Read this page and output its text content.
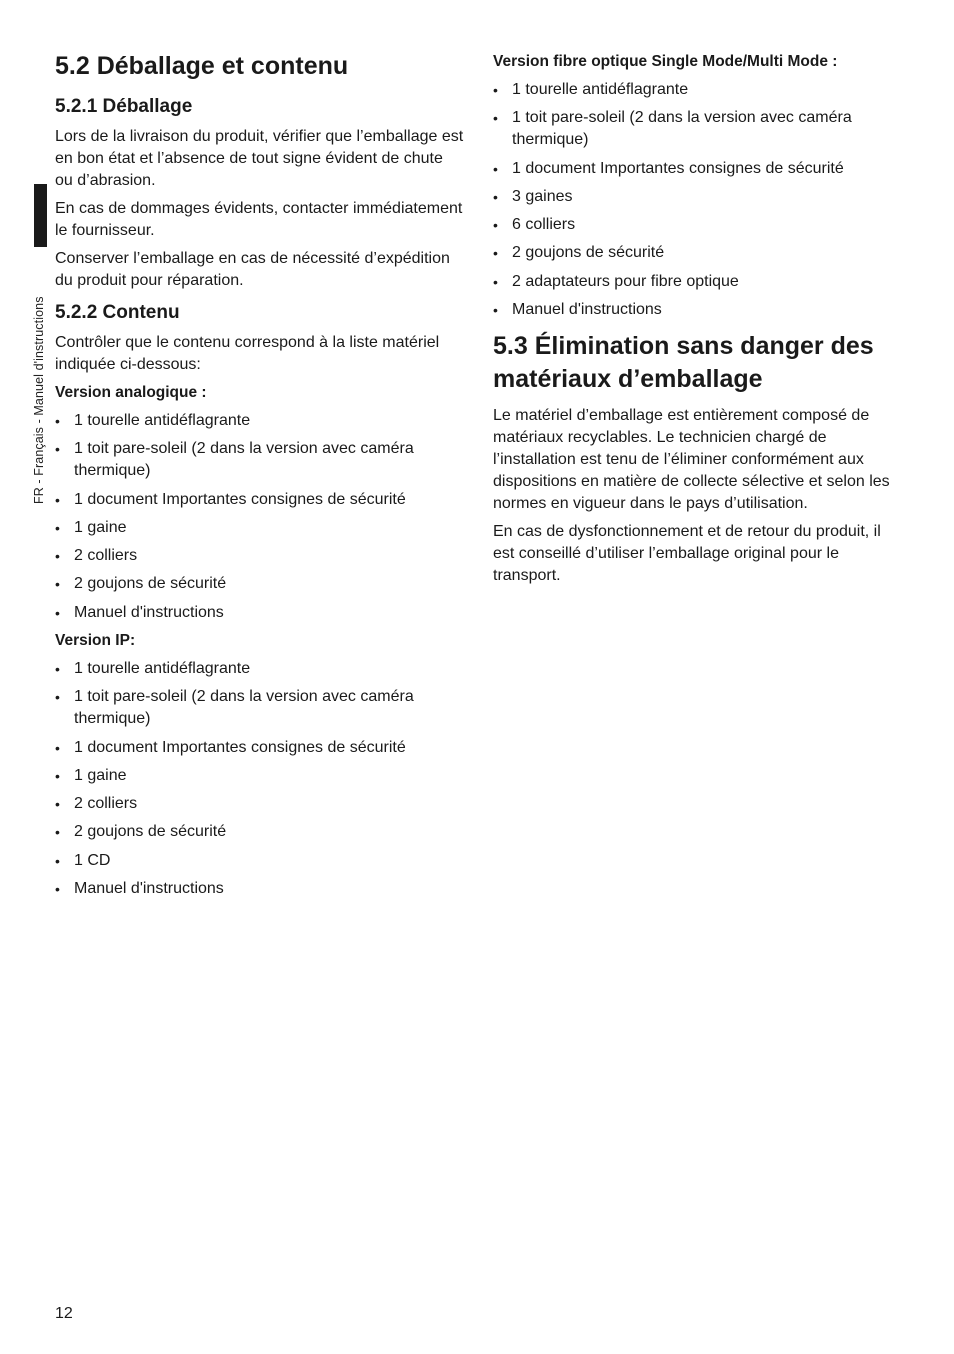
FR - Français - Manuel d'instructions
5.2 Déballage et contenu
5.2.1 Déballage

Lors de la livraison du produit, vérifier que l’emballage est en bon état et l’absence de tout signe évident de chute ou d’abrasion.

En cas de dommages évidents, contacter immédiatement le fournisseur.

Conserver l’emballage en cas de nécessité d’expédition du produit pour réparation.

5.2.2 Contenu

Contrôler que le contenu correspond à la liste matériel indiquée ci-dessous:

Version analogique :
• 1 tourelle antidéflagrante
• 1 toit pare-soleil (2 dans la version avec caméra thermique)
• 1 document Importantes consignes de sécurité
• 1 gaine
• 2 colliers
• 2 goujons de sécurité
• Manuel d'instructions
Version IP:
• 1 tourelle antidéflagrante
• 1 toit pare-soleil (2 dans la version avec caméra thermique)
• 1 document Importantes consignes de sécurité
• 1 gaine
• 2 colliers
• 2 goujons de sécurité
• 1 CD
• Manuel d'instructions
Version fibre optique Single Mode/Multi Mode :
• 1 tourelle antidéflagrante
• 1 toit pare-soleil (2 dans la version avec caméra thermique)
• 1 document Importantes consignes de sécurité
• 3 gaines
• 6 colliers
• 2 goujons de sécurité
• 2 adaptateurs pour fibre optique
• Manuel d'instructions
5.3 Élimination sans danger des matériaux d’emballage

Le matériel d’emballage est entièrement composé de matériaux recyclables. Le technicien chargé de l’installation est tenu de l’éliminer conformément aux dispositions en matière de collecte sélective et selon les normes en vigueur dans le pays d’utilisation.

En cas de dysfonctionnement et de retour du produit, il est conseillé d’utiliser l’emballage original pour le transport.

12
